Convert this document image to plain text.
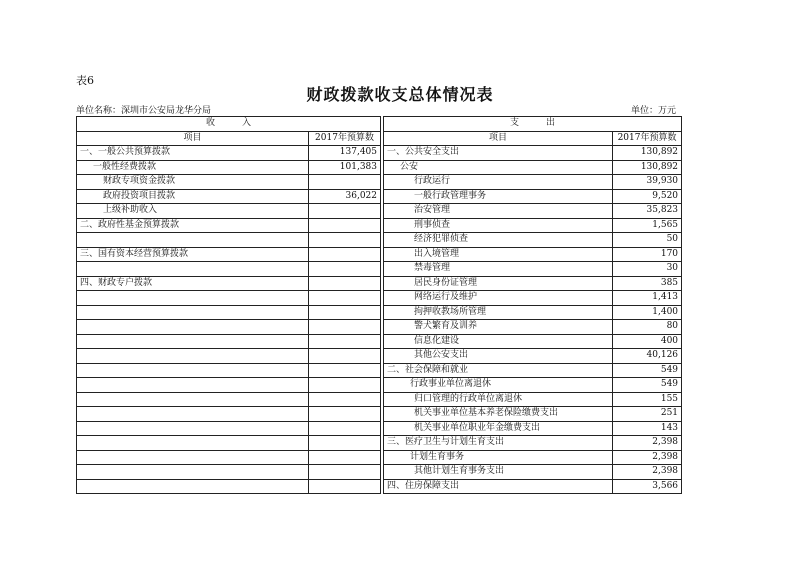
表6
财政拨款收支总体情况表
单位名称：深圳市公安局龙华分局	单位：万元
收　　　入			支　　　出	
项目	2017年预算数		项目	2017年预算数
一、一般公共预算拨款	137,405		一、公共安全支出	130,892
一般性经费拨款	101,383		公安	130,892
财政专项资金拨款			行政运行	39,930
政府投资项目拨款	36,022		一般行政管理事务	9,520
上级补助收入			治安管理	35,823
二、政府性基金预算拨款			刑事侦查	1,565
			经济犯罪侦查	50
三、国有资本经营预算拨款			出入境管理	170
			禁毒管理	30
四、财政专户拨款			居民身份证管理	385
			网络运行及维护	1,413
			拘押收教场所管理	1,400
			警犬繁育及训养	80
			信息化建设	400
			其他公安支出	40,126
			二、社会保障和就业	549
			行政事业单位离退休	549
			归口管理的行政单位离退休	155
			机关事业单位基本养老保险缴费支出	251
			机关事业单位职业年金缴费支出	143
			三、医疗卫生与计划生育支出	2,398
			计划生育事务	2,398
			其他计划生育事务支出	2,398
			四、住房保障支出	3,566
